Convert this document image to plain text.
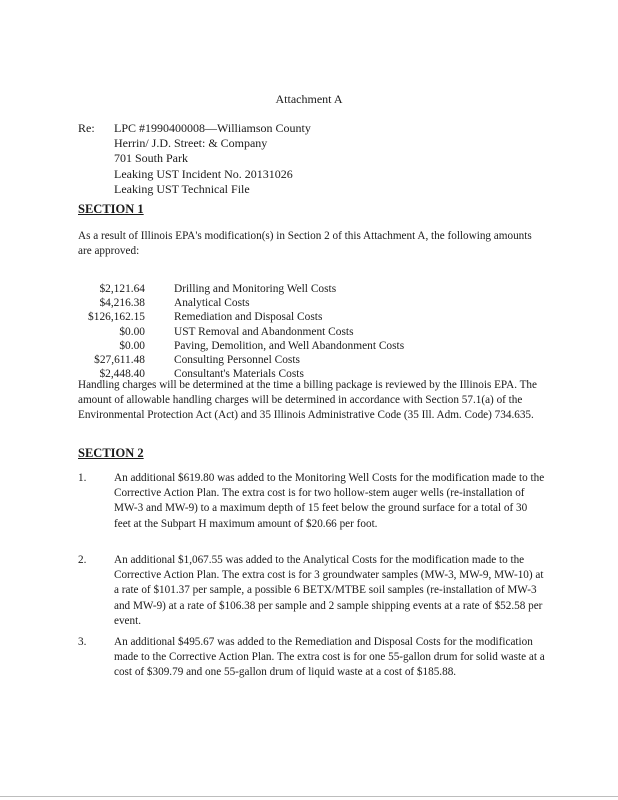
Attachment A
Re:	LPC #1990400008—Williamson County
Herrin/ J.D. Street: & Company
701 South Park
Leaking UST Incident No. 20131026
Leaking UST Technical File
SECTION 1
As a result of Illinois EPA's modification(s) in Section 2 of this Attachment A, the following amounts are approved:
$2,121.64	Drilling and Monitoring Well Costs
$4,216.38	Analytical Costs
$126,162.15	Remediation and Disposal Costs
$0.00	UST Removal and Abandonment Costs
$0.00	Paving, Demolition, and Well Abandonment Costs
$27,611.48	Consulting Personnel Costs
$2,448.40	Consultant's Materials Costs
Handling charges will be determined at the time a billing package is reviewed by the Illinois EPA. The amount of allowable handling charges will be determined in accordance with Section 57.1(a) of the Environmental Protection Act (Act) and 35 Illinois Administrative Code (35 Ill. Adm. Code) 734.635.
SECTION 2
1.	An additional $619.80 was added to the Monitoring Well Costs for the modification made to the Corrective Action Plan. The extra cost is for two hollow-stem auger wells (re-installation of MW-3 and MW-9) to a maximum depth of 15 feet below the ground surface for a total of 30 feet at the Subpart H maximum amount of $20.66 per foot.
2.	An additional $1,067.55 was added to the Analytical Costs for the modification made to the Corrective Action Plan. The extra cost is for 3 groundwater samples (MW-3, MW-9, MW-10) at a rate of $101.37 per sample, a possible 6 BETX/MTBE soil samples (re-installation of MW-3 and MW-9) at a rate of $106.38 per sample and 2 sample shipping events at a rate of $52.58 per event.
3.	An additional $495.67 was added to the Remediation and Disposal Costs for the modification made to the Corrective Action Plan. The extra cost is for one 55-gallon drum for solid waste at a cost of $309.79 and one 55-gallon drum of liquid waste at a cost of $185.88.
